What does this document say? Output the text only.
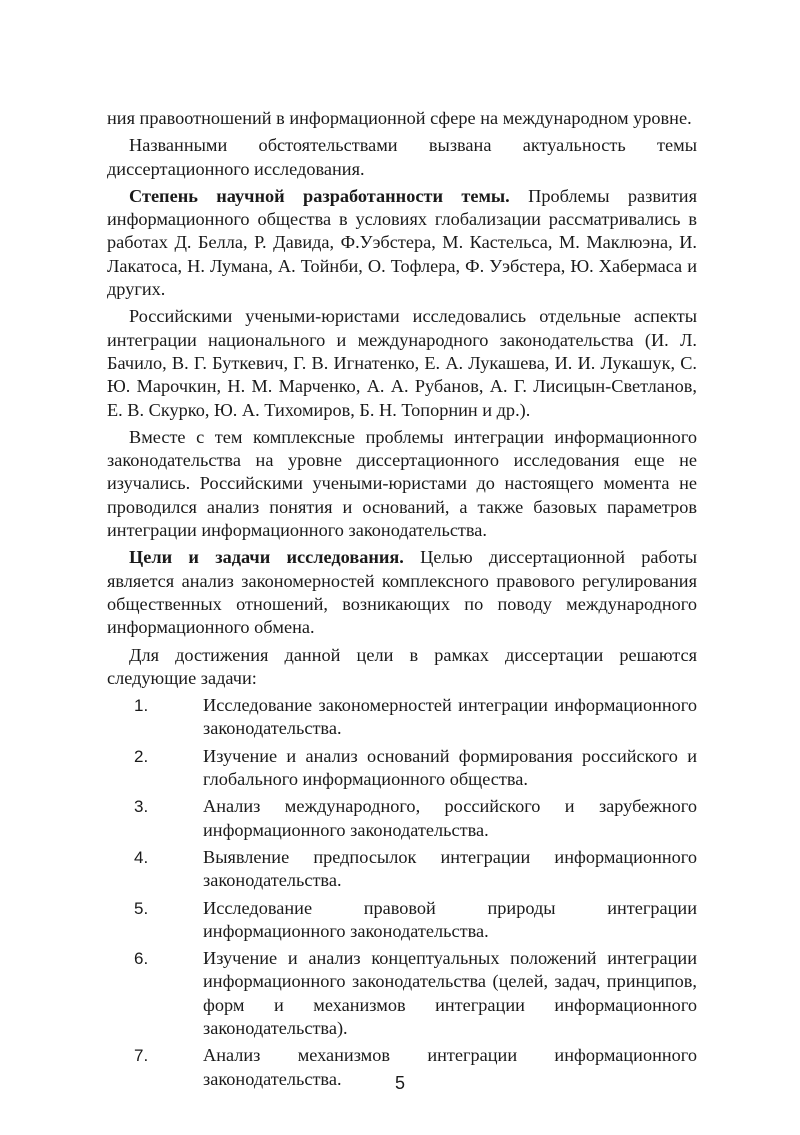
ния правоотношений в информационной сфере на международном уровне.

Названными обстоятельствами вызвана актуальность темы диссертационного исследования.

Степень научной разработанности темы. Проблемы развития информационного общества в условиях глобализации рассматривались в работах Д. Белла, Р. Давида, Ф.Уэбстера, М. Кастельса, М. Маклюэна, И. Лакатоса, Н. Лумана, А. Тойнби, О. Тофлера, Ф. Уэбстера, Ю. Хабермаса и других.

Российскими учеными-юристами исследовались отдельные аспекты интеграции национального и международного законодательства (И. Л. Бачило, В. Г. Буткевич, Г. В. Игнатенко, Е. А. Лукашева, И. И. Лукашук, С. Ю. Марочкин, Н. М. Марченко, А. А. Рубанов, А. Г. Лисицын-Светланов, Е. В. Скурко, Ю. А. Тихомиров, Б. Н. Топорнин и др.).

Вместе с тем комплексные проблемы интеграции информационного законодательства на уровне диссертационного исследования еще не изучались. Российскими учеными-юристами до настоящего момента не проводился анализ понятия и оснований, а также базовых параметров интеграции информационного законодательства.

Цели и задачи исследования. Целью диссертационной работы является анализ закономерностей комплексного правового регулирования общественных отношений, возникающих по поводу международного информационного обмена.

Для достижения данной цели в рамках диссертации решаются следующие задачи:

1.	Исследование закономерностей интеграции информационного законодательства.
2.	Изучение и анализ оснований формирования российского и глобального информационного общества.
3.	Анализ международного, российского и зарубежного информационного законодательства.
4.	Выявление предпосылок интеграции информационного законодательства.
5.	Исследование правовой природы интеграции информационного законодательства.
6.	Изучение и анализ концептуальных положений интеграции информационного законодательства (целей, задач, принципов, форм и механизмов интеграции информационного законодательства).
7.	Анализ механизмов интеграции информационного законодательства.	5
